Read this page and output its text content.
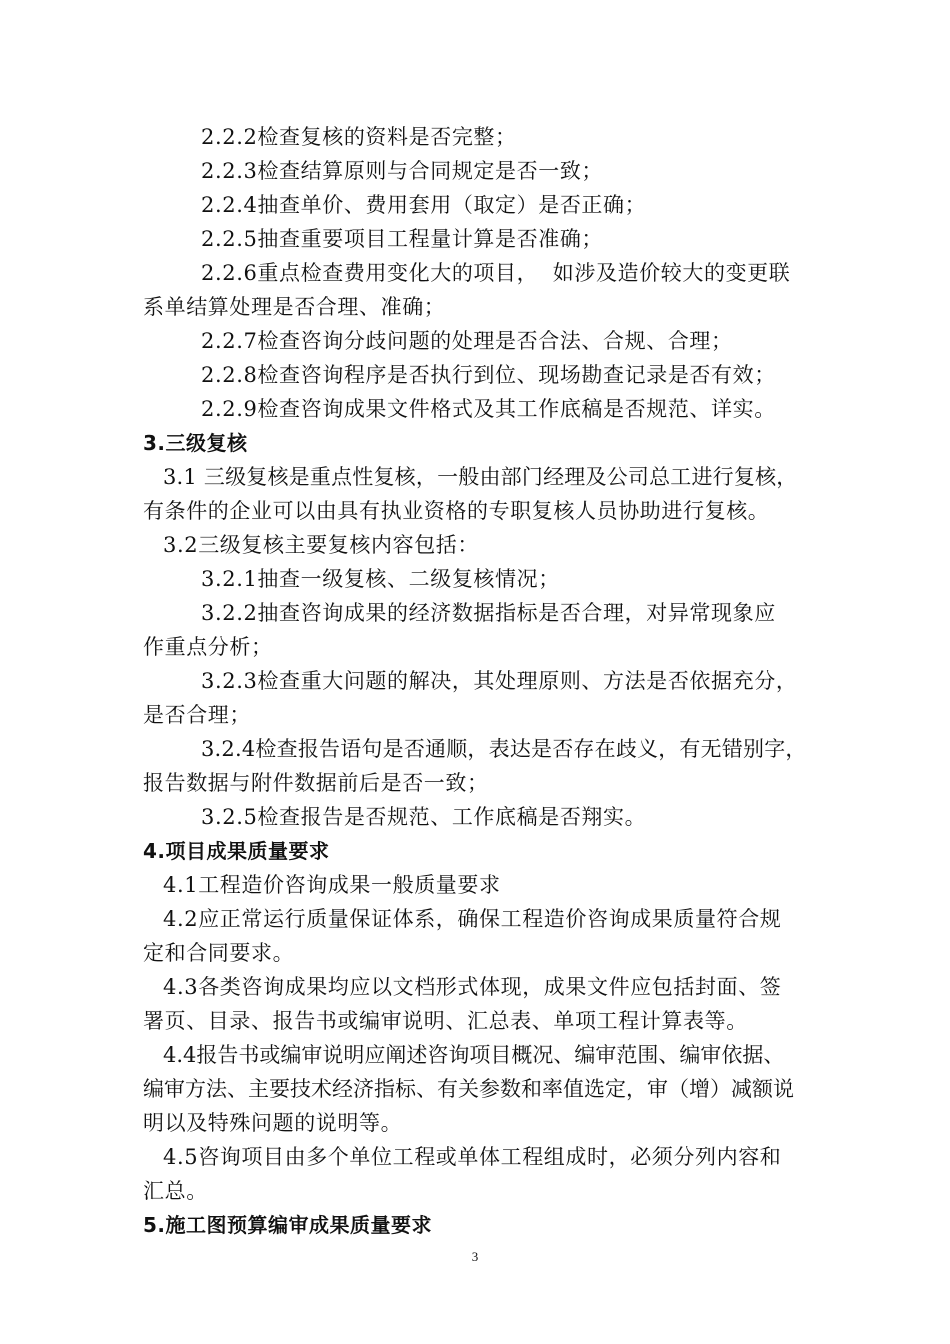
2.2.2检查复核的资料是否完整；
2.2.3检查结算原则与合同规定是否一致；
2.2.4抽查单价、费用套用（取定）是否正确；
2.2.5抽查重要项目工程量计算是否准确；
2.2.6重点检查费用变化大的项目，  如涉及造价较大的变更联
系单结算处理是否合理、准确；
2.2.7检查咨询分歧问题的处理是否合法、合规、合理；
2.2.8检查咨询程序是否执行到位、现场勘查记录是否有效；
2.2.9检查咨询成果文件格式及其工作底稿是否规范、详实。
3.三级复核
3.1 三级复核是重点性复核，一般由部门经理及公司总工进行复核，
有条件的企业可以由具有执业资格的专职复核人员协助进行复核。
3.2三级复核主要复核内容包括：
3.2.1抽查一级复核、二级复核情况；
3.2.2抽查咨询成果的经济数据指标是否合理，对异常现象应
作重点分析；
3.2.3检查重大问题的解决，其处理原则、方法是否依据充分，
是否合理；
3.2.4检查报告语句是否通顺，表达是否存在歧义，有无错别字，
报告数据与附件数据前后是否一致；
3.2.5检查报告是否规范、工作底稿是否翔实。
4.项目成果质量要求
4.1工程造价咨询成果一般质量要求
4.2应正常运行质量保证体系，确保工程造价咨询成果质量符合规
定和合同要求。
4.3各类咨询成果均应以文档形式体现，成果文件应包括封面、签
署页、目录、报告书或编审说明、汇总表、单项工程计算表等。
4.4报告书或编审说明应阐述咨询项目概况、编审范围、编审依据、
编审方法、主要技术经济指标、有关参数和率值选定，审（增）减额说
明以及特殊问题的说明等。
4.5咨询项目由多个单位工程或单体工程组成时，必须分列内容和
汇总。
5.施工图预算编审成果质量要求
3
